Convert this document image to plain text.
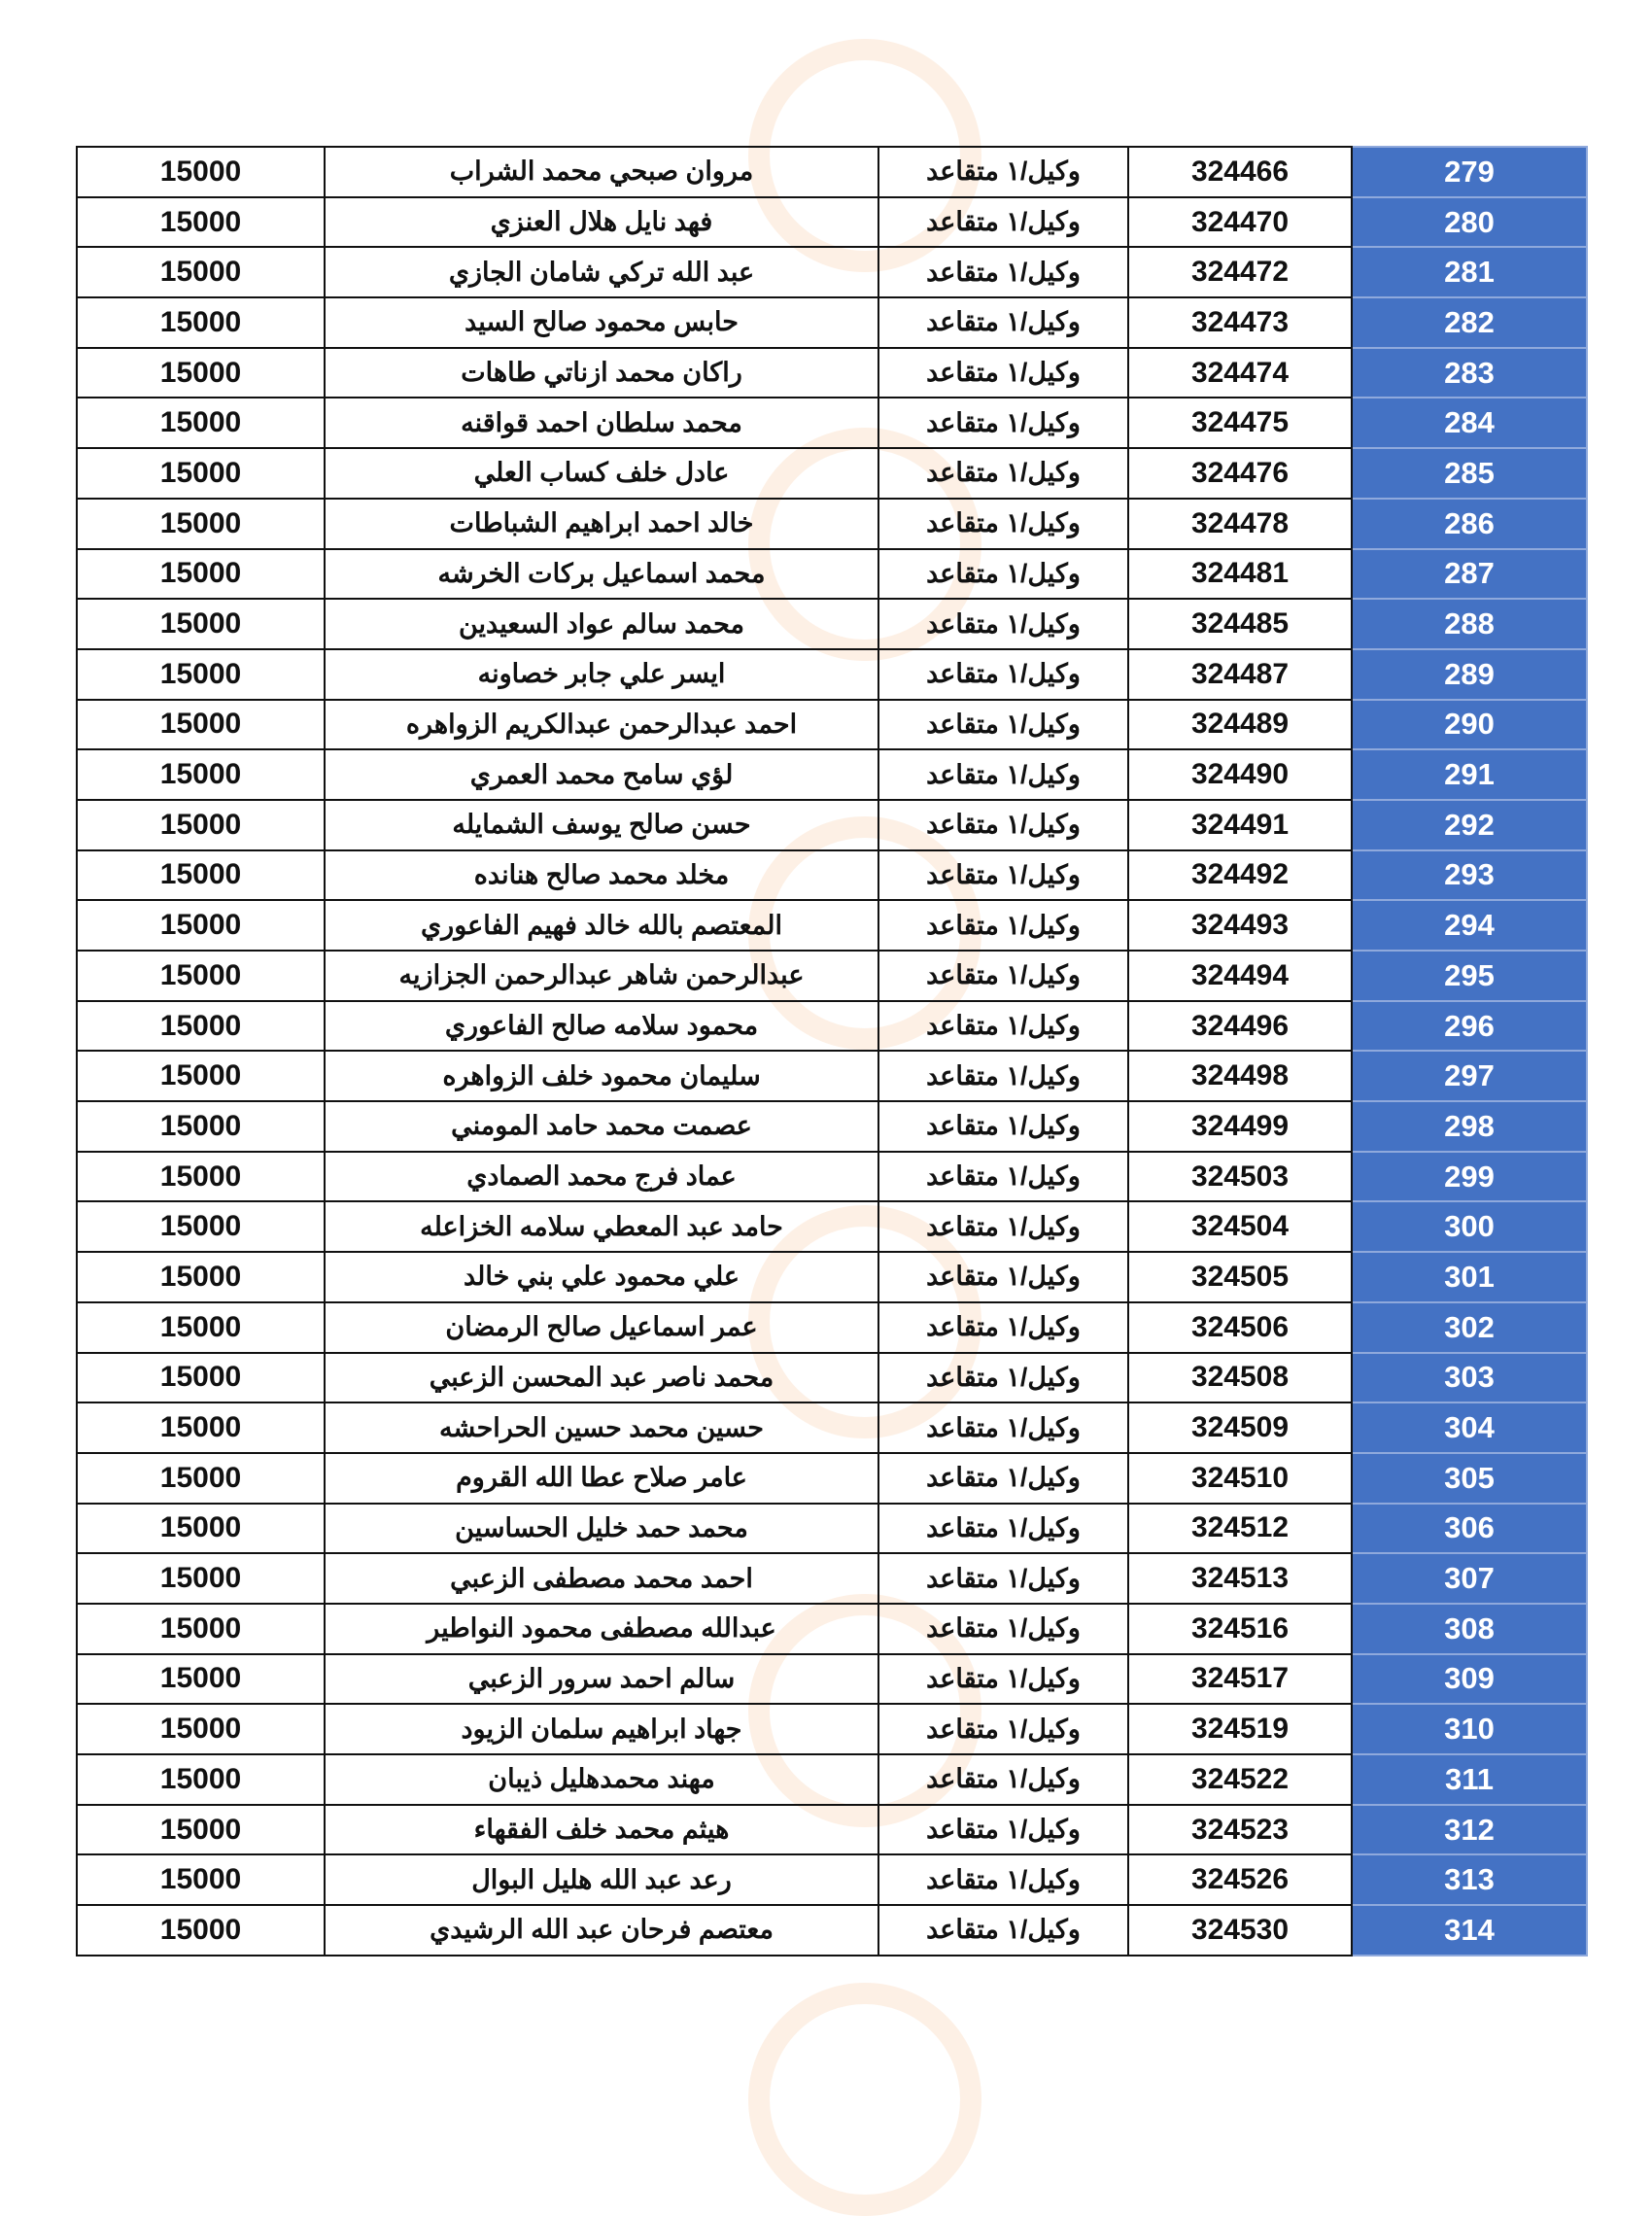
15000	مروان صبحي محمد الشراب	وكيل/١ متقاعد	324466	279
15000	فهد نايل هلال العنزي	وكيل/١ متقاعد	324470	280
15000	عبد الله تركي شامان الجازي	وكيل/١ متقاعد	324472	281
15000	حابس محمود صالح السيد	وكيل/١ متقاعد	324473	282
15000	راكان محمد ازناتي طاهات	وكيل/١ متقاعد	324474	283
15000	محمد سلطان احمد قواقنه	وكيل/١ متقاعد	324475	284
15000	عادل خلف كساب العلي	وكيل/١ متقاعد	324476	285
15000	خالد احمد ابراهيم الشباطات	وكيل/١ متقاعد	324478	286
15000	محمد اسماعيل بركات الخرشه	وكيل/١ متقاعد	324481	287
15000	محمد سالم عواد السعيدين	وكيل/١ متقاعد	324485	288
15000	ايسر علي جابر خصاونه	وكيل/١ متقاعد	324487	289
15000	احمد عبدالرحمن عبدالكريم الزواهره	وكيل/١ متقاعد	324489	290
15000	لؤي سامح محمد العمري	وكيل/١ متقاعد	324490	291
15000	حسن صالح يوسف الشمايله	وكيل/١ متقاعد	324491	292
15000	مخلد محمد صالح هنانده	وكيل/١ متقاعد	324492	293
15000	المعتصم بالله خالد فهيم الفاعوري	وكيل/١ متقاعد	324493	294
15000	عبدالرحمن شاهر عبدالرحمن الجزازيه	وكيل/١ متقاعد	324494	295
15000	محمود سلامه صالح الفاعوري	وكيل/١ متقاعد	324496	296
15000	سليمان محمود خلف الزواهره	وكيل/١ متقاعد	324498	297
15000	عصمت محمد حامد المومني	وكيل/١ متقاعد	324499	298
15000	عماد فرج محمد الصمادي	وكيل/١ متقاعد	324503	299
15000	حامد عبد المعطي سلامه الخزاعله	وكيل/١ متقاعد	324504	300
15000	علي محمود علي بني خالد	وكيل/١ متقاعد	324505	301
15000	عمر اسماعيل صالح الرمضان	وكيل/١ متقاعد	324506	302
15000	محمد ناصر عبد المحسن الزعبي	وكيل/١ متقاعد	324508	303
15000	حسين محمد حسين الحراحشه	وكيل/١ متقاعد	324509	304
15000	عامر صلاح عطا الله القروم	وكيل/١ متقاعد	324510	305
15000	محمد حمد خليل الحساسين	وكيل/١ متقاعد	324512	306
15000	احمد محمد مصطفى الزعبي	وكيل/١ متقاعد	324513	307
15000	عبدالله مصطفى محمود النواطير	وكيل/١ متقاعد	324516	308
15000	سالم احمد سرور الزعبي	وكيل/١ متقاعد	324517	309
15000	جهاد ابراهيم سلمان الزيود	وكيل/١ متقاعد	324519	310
15000	مهند محمدهليل ذيبان	وكيل/١ متقاعد	324522	311
15000	هيثم محمد خلف الفقهاء	وكيل/١ متقاعد	324523	312
15000	رعد عبد الله هليل البوال	وكيل/١ متقاعد	324526	313
15000	معتصم فرحان عبد الله الرشيدي	وكيل/١ متقاعد	324530	314
